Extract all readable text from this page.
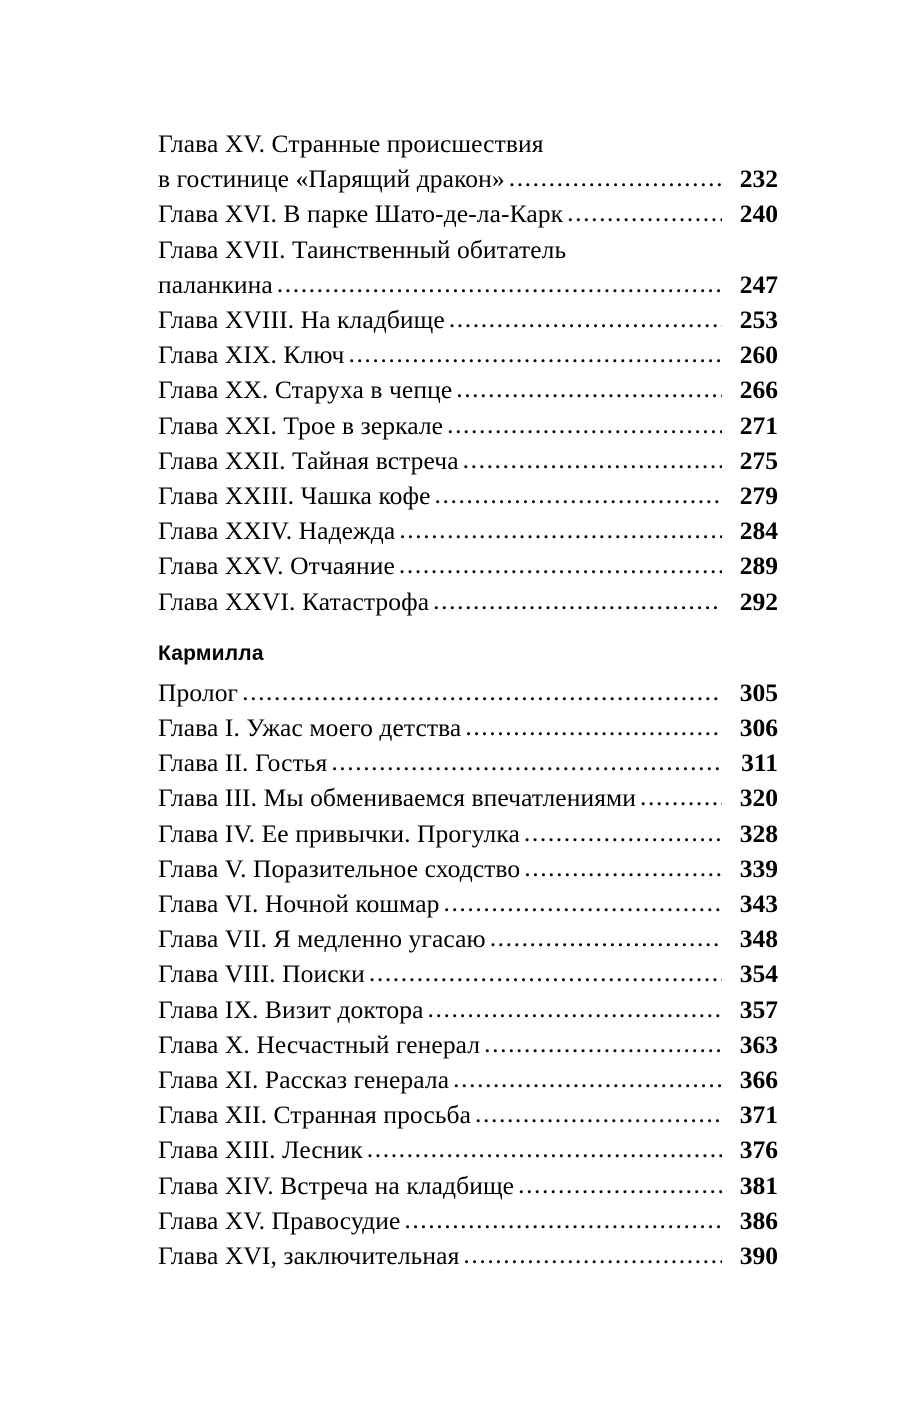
Глава XV. Странные происшествия
в гостинице «Парящий дракон» .....	232
Глава XVI. В парке Шато-де-ла-Карк .....	240
Глава XVII. Таинственный обитатель
паланкина .....	247
Глава XVIII. На кладбище .....	253
Глава XIX. Ключ .....	260
Глава XX. Старуха в чепце .....	266
Глава XXI. Трое в зеркале .....	271
Глава XXII. Тайная встреча .....	275
Глава XXIII. Чашка кофе .....	279
Глава XXIV. Надежда .....	284
Глава XXV. Отчаяние .....	289
Глава XXVI. Катастрофа .....	292
Кармилла
Пролог .....	305
Глава I. Ужас моего детства .....	306
Глава II. Гостья .....	311
Глава III. Мы обмениваемся впечатлениями .....	320
Глава IV. Ее привычки. Прогулка .....	328
Глава V. Поразительное сходство .....	339
Глава VI. Ночной кошмар .....	343
Глава VII. Я медленно угасаю .....	348
Глава VIII. Поиски .....	354
Глава IX. Визит доктора .....	357
Глава X. Несчастный генерал .....	363
Глава XI. Рассказ генерала .....	366
Глава XII. Странная просьба .....	371
Глава XIII. Лесник .....	376
Глава XIV. Встреча на кладбище .....	381
Глава XV. Правосудие .....	386
Глава XVI, заключительная .....	390
